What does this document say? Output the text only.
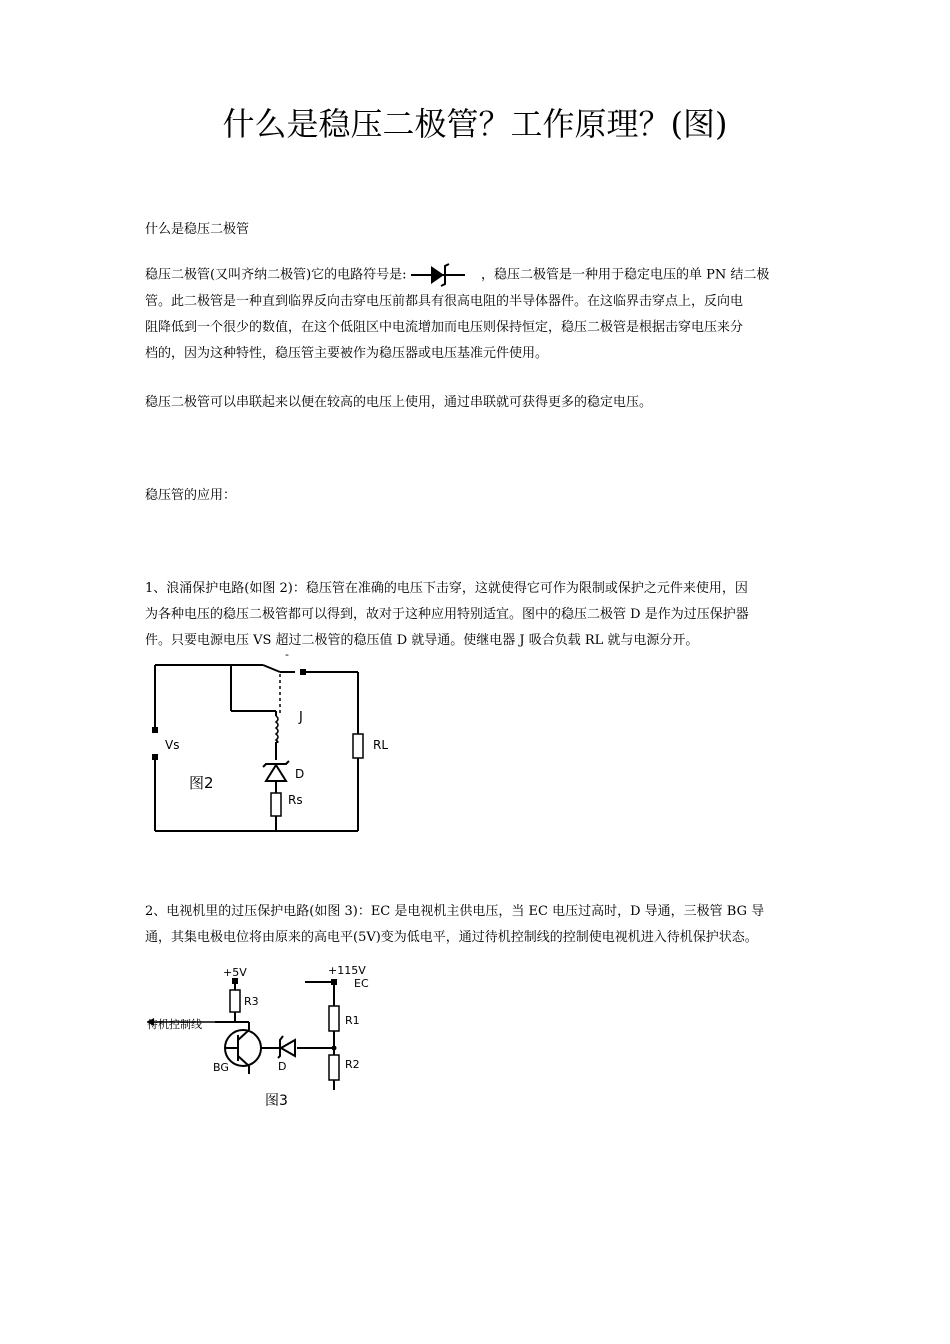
什么是稳压二极管？工作原理？(图)
什么是稳压二极管
稳压二极管(又叫齐纳二极管)它的电路符号是:	，稳压二极管是一种用于稳定电压的单 PN 结二极
管。此二极管是一种直到临界反向击穿电压前都具有很高电阻的半导体器件。在这临界击穿点上，反向电
阻降低到一个很少的数值，在这个低阻区中电流增加而电压则保持恒定，稳压二极管是根据击穿电压来分
档的，因为这种特性，稳压管主要被作为稳压器或电压基准元件使用。
稳压二极管可以串联起来以便在较高的电压上使用，通过串联就可获得更多的稳定电压。
稳压管的应用：
1、浪涌保护电路(如图 2)：稳压管在准确的电压下击穿，这就使得它可作为限制或保护之元件来使用，因
为各种电压的稳压二极管都可以得到，故对于这种应用特别适宜。图中的稳压二极管 D 是作为过压保护器
件。只要电源电压 VS 超过二极管的稳压值 D 就导通。使继电器 J 吸合负载 RL 就与电源分开。
-
Vs
J
RL
D
Rs
图2
2、电视机里的过压保护电路(如图 3)：EC 是电视机主供电压，当 EC 电压过高时，D 导通，三极管 BG 导
通，其集电极电位将由原来的高电平(5V)变为低电平，通过待机控制线的控制使电视机进入待机保护状态。
+5V	+115V
EC
R3
R1
R2
待机控制线
BG	D
图3
